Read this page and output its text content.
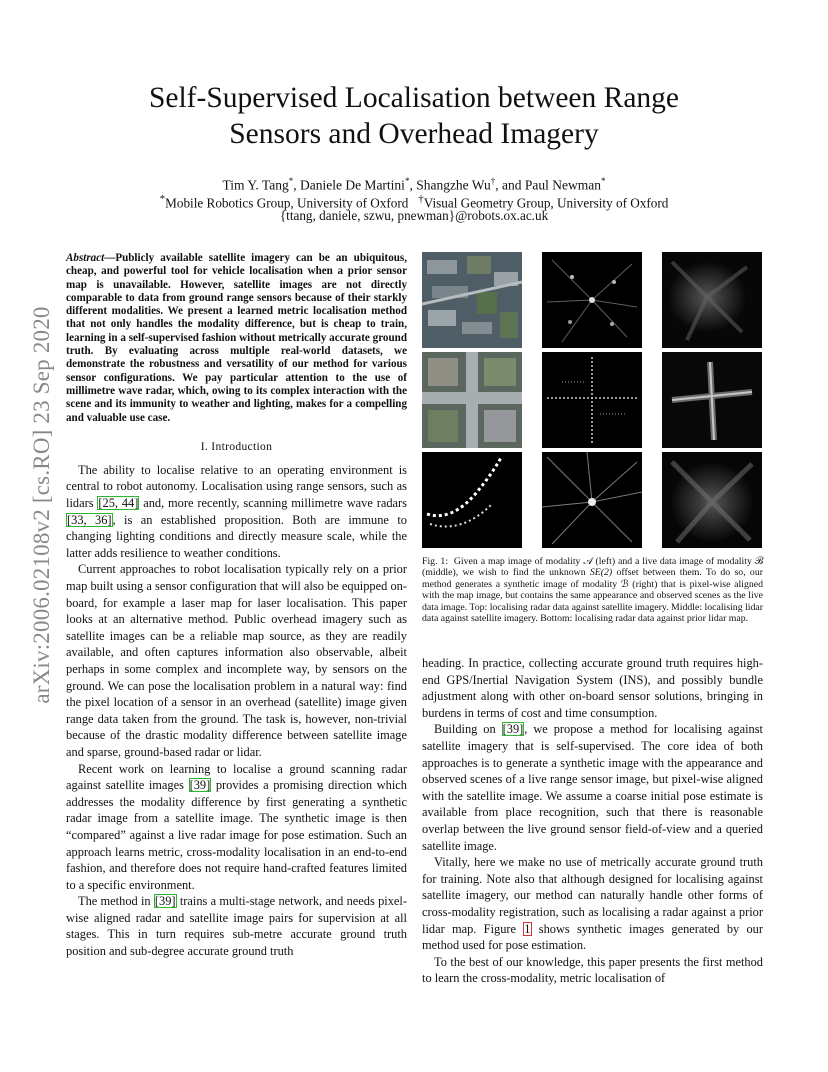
arXiv:2006.02108v2 [cs.RO] 23 Sep 2020
Self-Supervised Localisation between Range
Sensors and Overhead Imagery
Tim Y. Tang*, Daniele De Martini*, Shangzhe Wu†, and Paul Newman*
*Mobile Robotics Group, University of Oxford †Visual Geometry Group, University of Oxford
{ttang, daniele, szwu, pnewman}@robots.ox.ac.uk

Abstract—Publicly available satellite imagery can be an ubiquitous, cheap, and powerful tool for vehicle localisation when a prior sensor map is unavailable. However, satellite images are not directly comparable to data from ground range sensors because of their starkly different modalities. We present a learned metric localisation method that not only handles the modality difference, but is cheap to train, learning in a self-supervised fashion without metrically accurate ground truth. By evaluating across multiple real-world datasets, we demonstrate the robustness and versatility of our method for various sensor configurations. We pay particular attention to the use of millimetre wave radar, which, owing to its complex interaction with the scene and its immunity to weather and lighting, makes for a compelling and valuable use case.

I. Introduction

The ability to localise relative to an operating environment is central to robot autonomy. Localisation using range sensors, such as lidars [25, 44] and, more recently, scanning millimetre wave radars [33, 36], is an established proposition. Both are immune to changing lighting conditions and directly measure scale, while the latter adds resilience to weather conditions.

Current approaches to robot localisation typically rely on a prior map built using a sensor configuration that will also be equipped on-board, for example a laser map for laser localisation. This paper looks at an alternative method. Public overhead imagery such as satellite images can be a reliable map source, as they are readily available, and often captures information also observable, albeit perhaps in some complex and incomplete way, by sensors on the ground. We can pose the localisation problem in a natural way: find the pixel location of a sensor in an overhead (satellite) image given range data taken from the ground. The task is, however, non-trivial because of the drastic modality difference between satellite image and sparse, ground-based radar or lidar.

Recent work on learning to localise a ground scanning radar against satellite images [39] provides a promising direction which addresses the modality difference by first generating a synthetic radar image from a satellite image. The synthetic image is then “compared” against a live radar image for pose estimation. Such an approach learns metric, cross-modality localisation in an end-to-end fashion, and therefore does not require hand-crafted features limited to a specific environment.

The method in [39] trains a multi-stage network, and needs pixel-wise aligned radar and satellite image pairs for supervision at all stages. This in turn requires sub-metre accurate ground truth position and sub-degree accurate ground truth

Fig. 1: Given a map image of modality 𝒜 (left) and a live data image of modality ℬ (middle), we wish to find the unknown SE(2) offset between them. To do so, our method generates a synthetic image of modality ℬ (right) that is pixel-wise aligned with the map image, but contains the same appearance and observed scenes as the live data image. Top: localising radar data against satellite imagery. Middle: localising lidar data against satellite imagery. Bottom: localising radar data against prior lidar map.

heading. In practice, collecting accurate ground truth requires high-end GPS/Inertial Navigation System (INS), and possibly bundle adjustment along with other on-board sensor solutions, bringing in burdens in terms of cost and time consumption.

Building on [39], we propose a method for localising against satellite imagery that is self-supervised. The core idea of both approaches is to generate a synthetic image with the appearance and observed scenes of a live range sensor image, but pixel-wise aligned with the satellite image. We assume a coarse initial pose estimate is available from place recognition, such that there is reasonable overlap between the live ground sensor field-of-view and a queried satellite image.

Vitally, here we make no use of metrically accurate ground truth for training. Note also that although designed for localising against satellite imagery, our method can naturally handle other forms of cross-modality registration, such as localising a radar against a prior lidar map. Figure 1 shows synthetic images generated by our method used for pose estimation.

To the best of our knowledge, this paper presents the first method to learn the cross-modality, metric localisation of
